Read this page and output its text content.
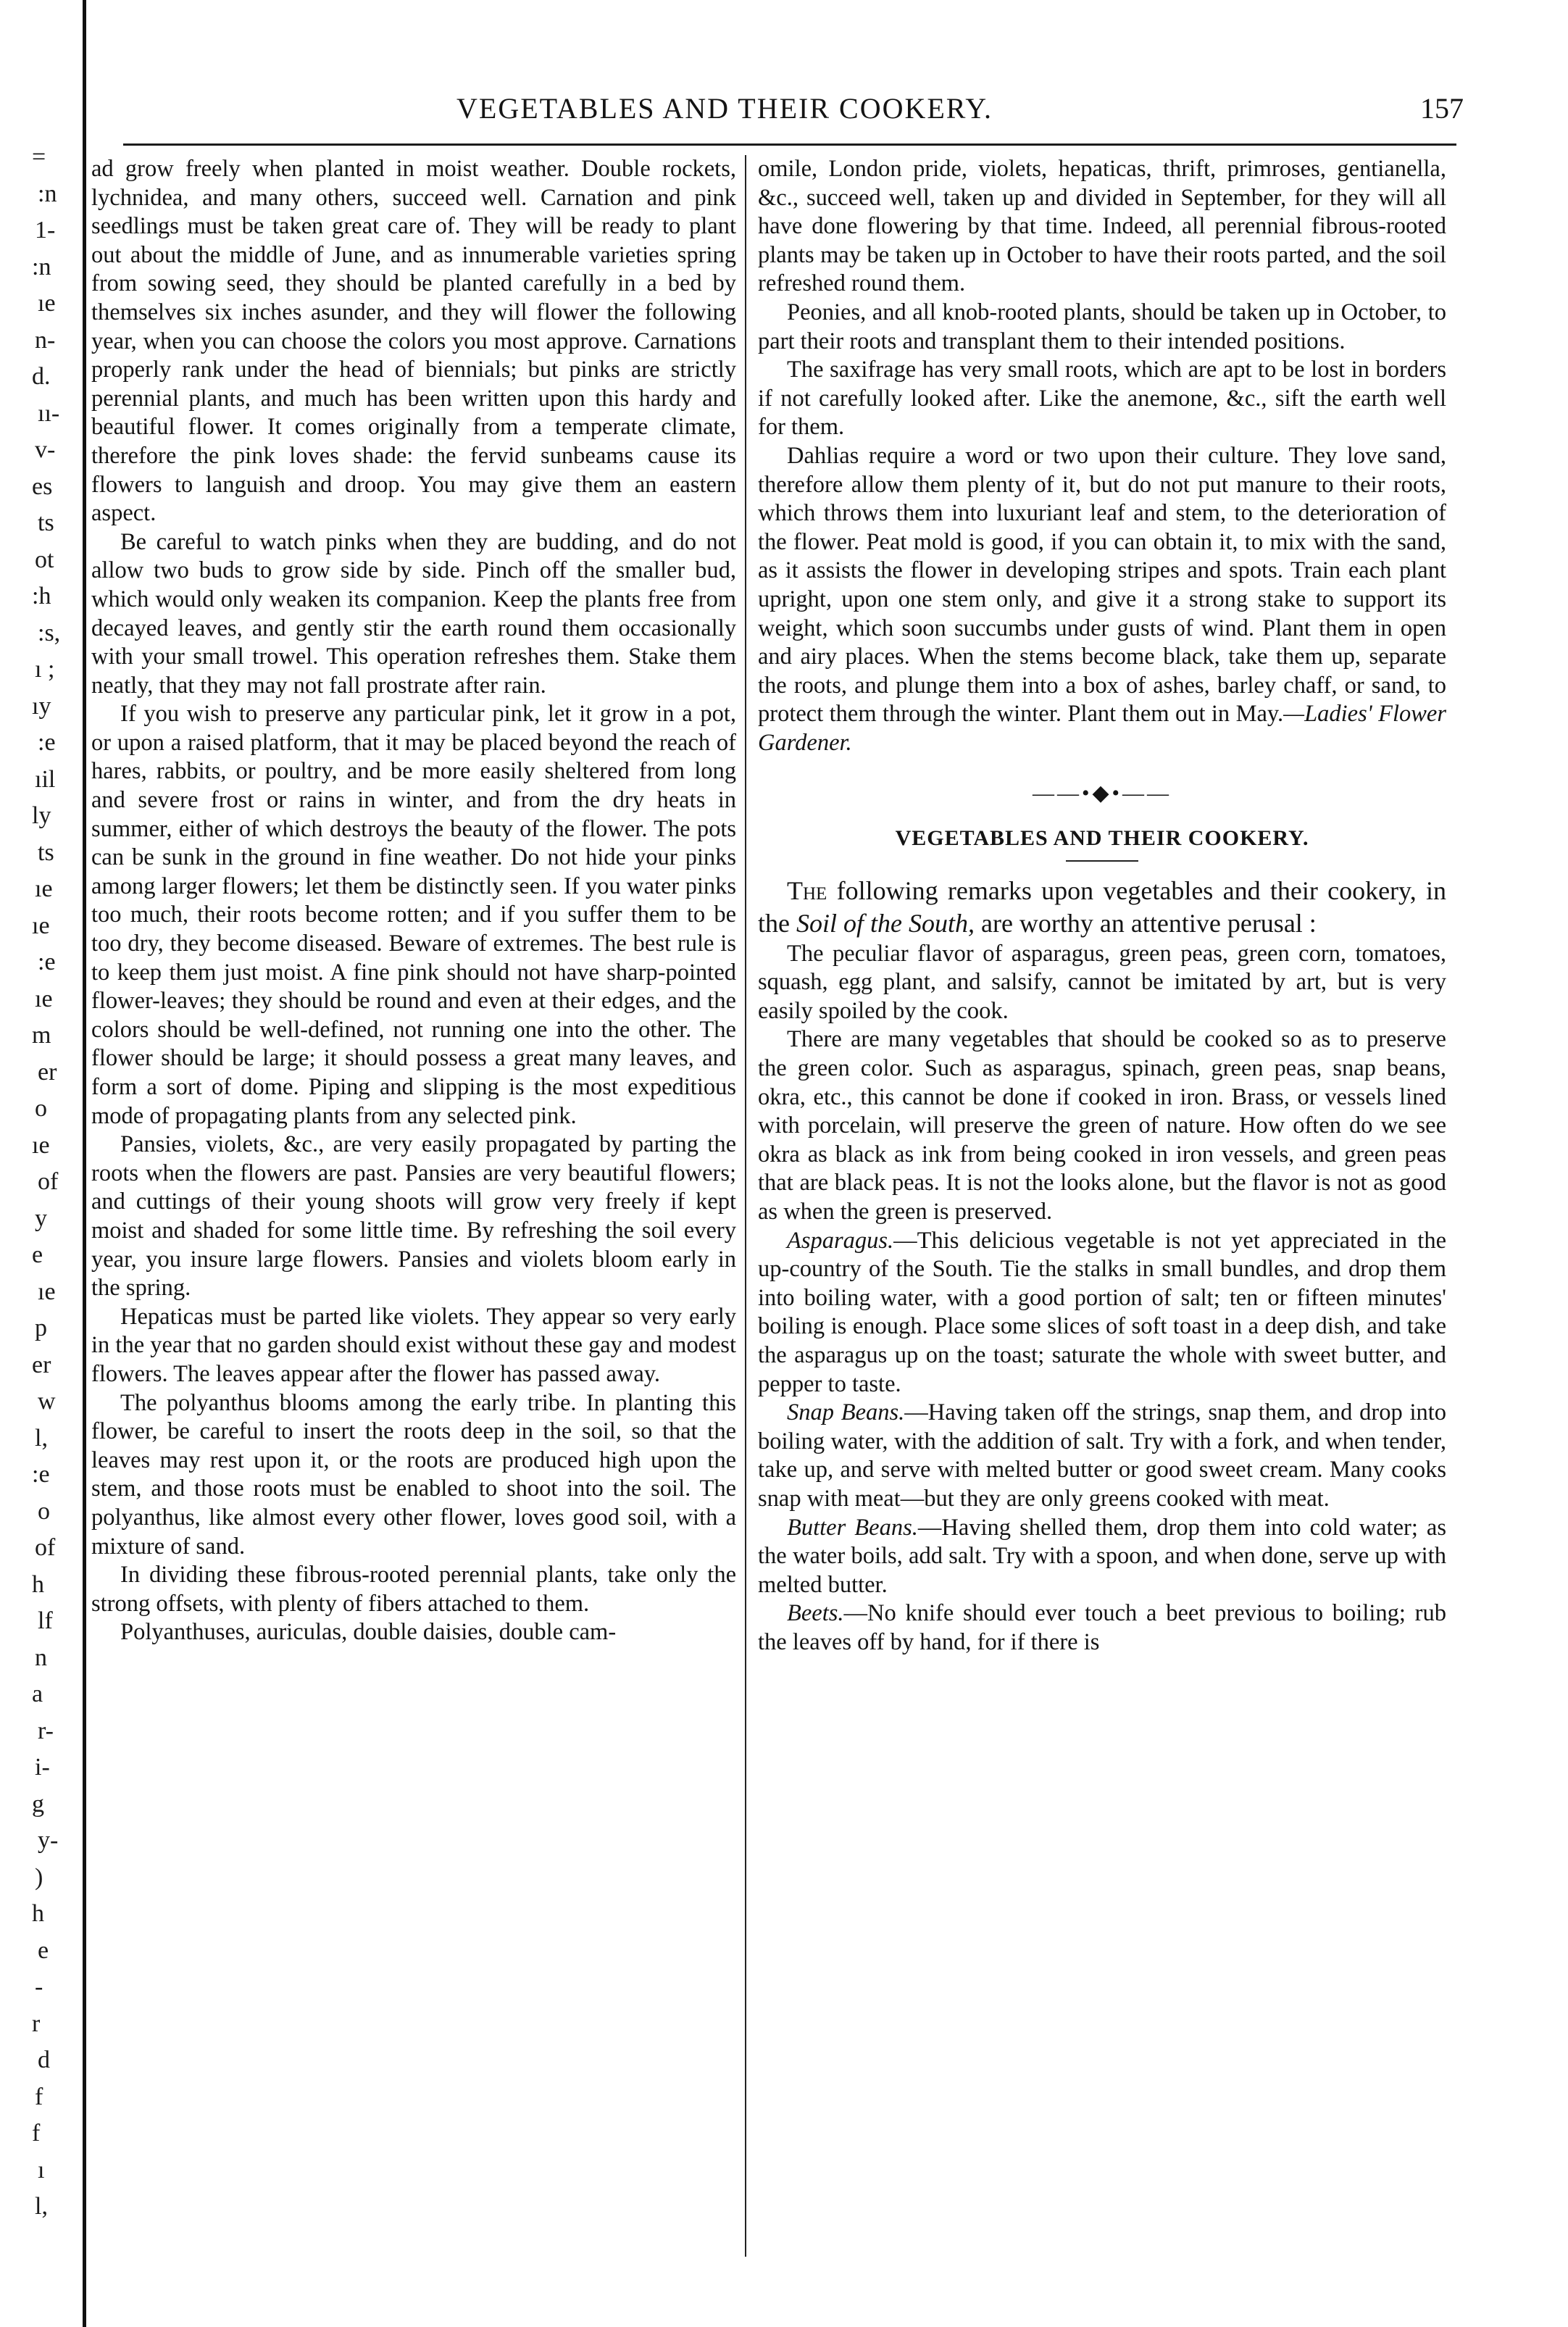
=
:n
1-
:n
ıe
n-
d.
ıı-
v-
es
ts
ot
:h
:s,
ı ;
ıy
:e
ıil
ly
ts
ıe
ıe
:e
ıe
m
er
o
ıe
of
y
e
ıe
p
er
w
l,
:e
o
of
h
lf
n
a
r-
i-
g
y-
)
h
e
-
r
d
f
f
ı
l,
VEGETABLES AND THEIR COOKERY.	157

ad grow freely when planted in moist weather. Double rockets, lychnidea, and many others, succeed well. Carnation and pink seedlings must be taken great care of. They will be ready to plant out about the middle of June, and as innumerable varieties spring from sowing seed, they should be planted carefully in a bed by themselves six inches asunder, and they will flower the following year, when you can choose the colors you most approve. Carnations properly rank under the head of biennials; but pinks are strictly perennial plants, and much has been written upon this hardy and beautiful flower. It comes originally from a temperate climate, therefore the pink loves shade: the fervid sunbeams cause its flowers to languish and droop. You may give them an eastern aspect.

Be careful to watch pinks when they are budding, and do not allow two buds to grow side by side. Pinch off the smaller bud, which would only weaken its companion. Keep the plants free from decayed leaves, and gently stir the earth round them occasionally with your small trowel. This operation refreshes them. Stake them neatly, that they may not fall prostrate after rain.

If you wish to preserve any particular pink, let it grow in a pot, or upon a raised platform, that it may be placed beyond the reach of hares, rabbits, or poultry, and be more easily sheltered from long and severe frost or rains in winter, and from the dry heats in summer, either of which destroys the beauty of the flower. The pots can be sunk in the ground in fine weather. Do not hide your pinks among larger flowers; let them be distinctly seen. If you water pinks too much, their roots become rotten; and if you suffer them to be too dry, they become diseased. Beware of extremes. The best rule is to keep them just moist. A fine pink should not have sharp-pointed flower-leaves; they should be round and even at their edges, and the colors should be well-defined, not running one into the other. The flower should be large; it should possess a great many leaves, and form a sort of dome. Piping and slipping is the most expeditious mode of propagating plants from any selected pink.

Pansies, violets, &c., are very easily propagated by parting the roots when the flowers are past. Pansies are very beautiful flowers; and cuttings of their young shoots will grow very freely if kept moist and shaded for some little time. By refreshing the soil every year, you insure large flowers. Pansies and violets bloom early in the spring.

Hepaticas must be parted like violets. They appear so very early in the year that no garden should exist without these gay and modest flowers. The leaves appear after the flower has passed away.

The polyanthus blooms among the early tribe. In planting this flower, be careful to insert the roots deep in the soil, so that the leaves may rest upon it, or the roots are produced high upon the stem, and those roots must be enabled to shoot into the soil. The polyanthus, like almost every other flower, loves good soil, with a mixture of sand.

In dividing these fibrous-rooted perennial plants, take only the strong offsets, with plenty of fibers attached to them.

Polyanthuses, auriculas, double daisies, double cam-

omile, London pride, violets, hepaticas, thrift, primroses, gentianella, &c., succeed well, taken up and divided in September, for they will all have done flowering by that time. Indeed, all perennial fibrous-rooted plants may be taken up in October to have their roots parted, and the soil refreshed round them.

Peonies, and all knob-rooted plants, should be taken up in October, to part their roots and transplant them to their intended positions.

The saxifrage has very small roots, which are apt to be lost in borders if not carefully looked after. Like the anemone, &c., sift the earth well for them.

Dahlias require a word or two upon their culture. They love sand, therefore allow them plenty of it, but do not put manure to their roots, which throws them into luxuriant leaf and stem, to the deterioration of the flower. Peat mold is good, if you can obtain it, to mix with the sand, as it assists the flower in developing stripes and spots. Train each plant upright, upon one stem only, and give it a strong stake to support its weight, which soon succumbs under gusts of wind. Plant them in open and airy places. When the stems become black, take them up, separate the roots, and plunge them into a box of ashes, barley chaff, or sand, to protect them through the winter. Plant them out in May.—Ladies' Flower Gardener.

——•◆•——
VEGETABLES AND THEIR COOKERY.

The following remarks upon vegetables and their cookery, in the Soil of the South, are worthy an attentive perusal :

The peculiar flavor of asparagus, green peas, green corn, tomatoes, squash, egg plant, and salsify, cannot be imitated by art, but is very easily spoiled by the cook.

There are many vegetables that should be cooked so as to preserve the green color. Such as asparagus, spinach, green peas, snap beans, okra, etc., this cannot be done if cooked in iron. Brass, or vessels lined with porcelain, will preserve the green of nature. How often do we see okra as black as ink from being cooked in iron vessels, and green peas that are black peas. It is not the looks alone, but the flavor is not as good as when the green is preserved.

Asparagus.—This delicious vegetable is not yet appreciated in the up-country of the South. Tie the stalks in small bundles, and drop them into boiling water, with a good portion of salt; ten or fifteen minutes' boiling is enough. Place some slices of soft toast in a deep dish, and take the asparagus up on the toast; saturate the whole with sweet butter, and pepper to taste.

Snap Beans.—Having taken off the strings, snap them, and drop into boiling water, with the addition of salt. Try with a fork, and when tender, take up, and serve with melted butter or good sweet cream. Many cooks snap with meat—but they are only greens cooked with meat.

Butter Beans.—Having shelled them, drop them into cold water; as the water boils, add salt. Try with a spoon, and when done, serve up with melted butter.

Beets.—No knife should ever touch a beet previous to boiling; rub the leaves off by hand, for if there is
